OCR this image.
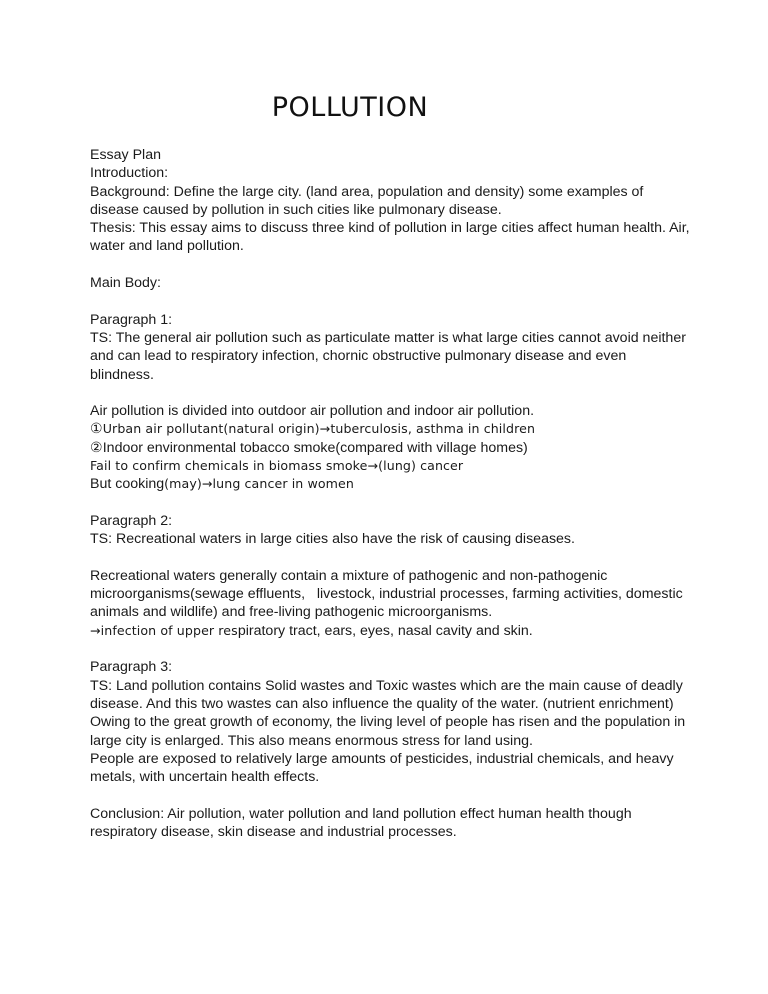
POLLUTION
Essay Plan
Introduction:
Background: Define the large city. (land area, population and density) some examples of
disease caused by pollution in such cities like pulmonary disease.
Thesis: This essay aims to discuss three kind of pollution in large cities affect human health. Air,
water and land pollution.
Main Body:
Paragraph 1:
TS: The general air pollution such as particulate matter is what large cities cannot avoid neither
and can lead to respiratory infection, chornic obstructive pulmonary disease and even
blindness.
Air pollution is divided into outdoor air pollution and indoor air pollution.
①Urban air pollutant(natural origin)→tuberculosis, asthma in children
②Indoor environmental tobacco smoke(compared with village homes)
Fail to confirm chemicals in biomass smoke→(lung) cancer
But cooking(may)→lung cancer in women
Paragraph 2:
TS: Recreational waters in large cities also have the risk of causing diseases.
Recreational waters generally contain a mixture of pathogenic and non-pathogenic
microorganisms(sewage effluents,   livestock, industrial processes, farming activities, domestic
animals and wildlife) and free-living pathogenic microorganisms.
→infection of upper respiratory tract, ears, eyes, nasal cavity and skin.
Paragraph 3:
TS: Land pollution contains Solid wastes and Toxic wastes which are the main cause of deadly
disease. And this two wastes can also influence the quality of the water. (nutrient enrichment)
Owing to the great growth of economy, the living level of people has risen and the population in
large city is enlarged. This also means enormous stress for land using.
People are exposed to relatively large amounts of pesticides, industrial chemicals, and heavy
metals, with uncertain health effects.
Conclusion: Air pollution, water pollution and land pollution effect human health though
respiratory disease, skin disease and industrial processes.
